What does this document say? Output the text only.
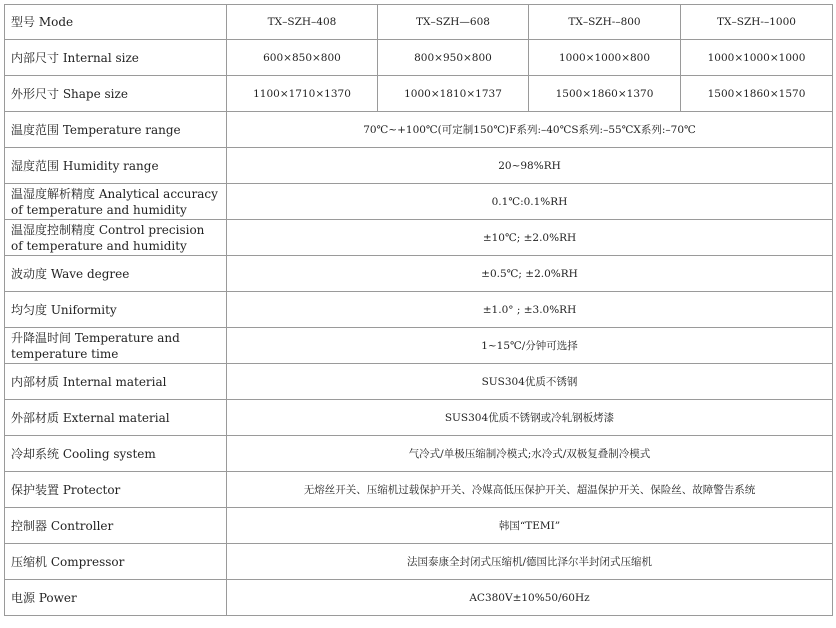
型号 Mode	TX–SZH–408	TX–SZH—608	TX–SZH-–800	TX–SZH-–1000
内部尺寸 Internal size	600×850×800	800×950×800	1000×1000×800	1000×1000×1000
外形尺寸 Shape size	1100×1710×1370	1000×1810×1737	1500×1860×1370	1500×1860×1570
温度范围 Temperature range	70℃~+100℃(可定制150℃)F系列:–40℃S系列:–55℃X系列:–70℃			
湿度范围 Humidity range	20~98%RH			
温湿度解析精度 Analytical accuracy of temperature and humidity	0.1℃:0.1%RH			
温湿度控制精度 Control precision of temperature and humidity	±10℃; ±2.0%RH			
波动度 Wave degree	±0.5℃; ±2.0%RH			
均匀度 Uniformity	±1.0° ; ±3.0%RH			
升降温时间 Temperature and temperature time	1~15℃/分钟可选择			
内部材质 Internal material	SUS304优质不锈钢			
外部材质 External material	SUS304优质不锈钢或冷轧钢板烤漆			
冷却系统 Cooling system	气冷式/单极压缩制冷模式;水冷式/双极复叠制冷模式			
保护装置 Protector	无熔丝开关、压缩机过载保护开关、冷媒高低压保护开关、超温保护开关、保险丝、故障警告系统			
控制器 Controller	韩国“TEMI”			
压缩机 Compressor	法国泰康全封闭式压缩机/德国比泽尔半封闭式压缩机			
电源 Power	AC380V±10%50/60Hz			
